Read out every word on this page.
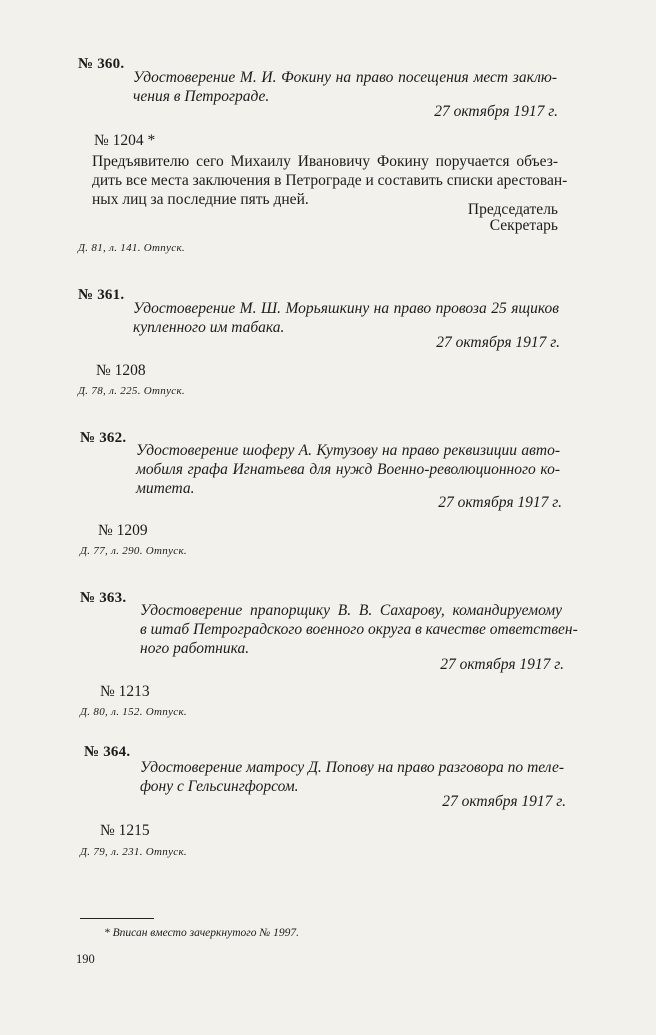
№ 360.
Удостоверение М. И. Фокину на право посещения мест заклю-
чения в Петрограде.
27 октября 1917 г.
№ 1204 *
Предъявителю сего Михаилу Ивановичу Фокину поручается объез-
дить все места заключения в Петрограде и составить списки арестован-
ных лиц за последние пять дней.
Председатель
Секретарь
Д. 81, л. 141. Отпуск.
№ 361.
Удостоверение М. Ш. Морьяшкину на право провоза 25 ящиков
купленного им табака.
27 октября 1917 г.
№ 1208
Д. 78, л. 225. Отпуск.
№ 362.
Удостоверение шоферу А. Кутузову на право реквизиции авто-
мобиля графа Игнатьева для нужд Военно-революционного ко-
митета.
27 октября 1917 г.
№ 1209
Д. 77, л. 290. Отпуск.
№ 363.
Удостоверение прапорщику В. В. Сахарову, командируемому
в штаб Петроградского военного округа в качестве ответствен-
ного работника.
27 октября 1917 г.
№ 1213
Д. 80, л. 152. Отпуск.
№ 364.
Удостоверение матросу Д. Попову на право разговора по теле-
фону с Гельсингфорсом.
27 октября 1917 г.
№ 1215
Д. 79, л. 231. Отпуск.
* Вписан вместо зачеркнутого № 1997.
190
